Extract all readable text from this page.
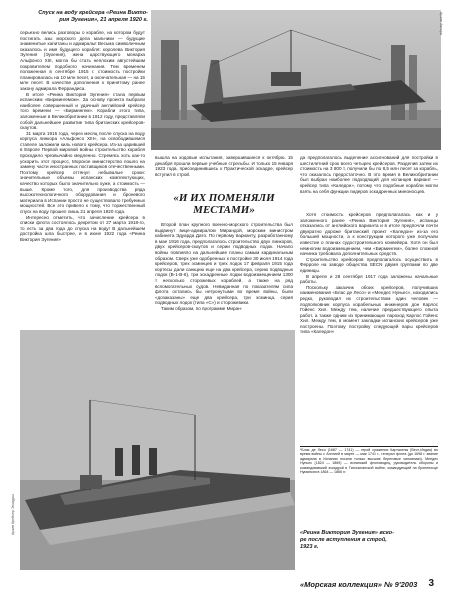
Архив Автора
Спуск на воду крейсера «Реина Викто-
рия Эугения», 21 апреля 1920 г.

серьезно велись разговоры о корабле, на котором будут постигать азы морского дела мальчики — будущие знаменитые капитаны и адмиралы! Весьма символичным оказалось и имя будущего корабля: королева Виктория Эугения (Эухения), жена царствующего монарха Альфонсо XIII, могла бы стать неплохим августейшим покровителем подобного начинания. Тем временем положенная в сентябре 1915 г. стоимость постройки планировалась на 10 млн песет, а окончательная — на 15 млн песет. В качестве дополнения к принятому ранее закону адмирала Феррандиса.

В итоге «Реина Виктория Эугения» стала первым испанским «Бирмингемом». За основу проекта выбрали наиболее совершенный и удачный английский крейсер того времени — «Бирмингем». Корабли этого типа, заложенные в Великобритании в 1912 году, представляли собой дальнейшее развитие типа британских крейсеров-скаутов.

31 марта 1915 года, через месяц после спуска на воду корпуса линкора «Альфонсо XIII», на освободившемся стапеле заложили киль нового крейсера. Из-за царившей в Европе Первой мировой войны строительство корабля проходило чрезвычайно медленно. Стремясь хоть как-то ускорить этот процесс, Морское министерство пошло на замену части иностранных поставщиков отечественными. Поэтому крейсер оттянул небывалые сроки: значительные объемы испанских комплектующих, качество которых было значительно хуже, а стоимость — выше. Кроме того, для производства ряда высокотехнологичного оборудования и броневого материала в Испании просто не существовало требуемых мощностей. Все это привело к тому, что торжественный спуск на воду прошел лишь 21 апреля 1920 года.

Интересно отметить, что зачисление крейсера в списки флота состоялось декретом от 27 марта 1918-го, то есть за два года до спуска на воду! В дальнейшем достройка шла быстрее, и в июне 1922 года «Реина Виктория Эугения»

вышла на ходовые испытания, завершившиеся к октябрю. 15 декабря прошли первые учебные стрельбы. И только 15 января 1923 года, присоединившись к Практической эскадре, крейсер вступил в строй.

«И ИХ ПОМЕНЯЛИ
МЕСТАМИ»

Второй план крупного военно-морского строительства был выдвинут вице-адмиралом Мирандой, морским министром кабинета Эдуарда Дато. По первому варианту, разработанному в мае 1916 года, предполагалось строительство двух линкоров, двух крейсеров-скаутов и серии подводных лодок. Начало войны повлияло на дальнейшие планы самым кардинальным образом. Сверх уже одобренных к постройке 30 июля 1914 года крейсеров, трех эсминцев и трех лодок 17 февраля 1915 года кортесы дали санкцию еще на два крейсера, серию подводных лодок (В-1-В-6), три эскадренные лодки водоизмещением 1300 т несколько сторожевых кораблей, а также на ряд вспомогательных судов. Невиданная по показателям сила флота остались бы нетронутыми во время войны, были «дозаказаны» еще два крейсера, три эсминца, серия подводных лодок (типа «С») и сторожевики.

Таким образом, по программе Миран-

да предполагалось выделение ассигнований для постройки в шестилетний срок всего четырех крейсеров. Разделив затем их стоимость на 3 800 т, получили бы по 8,5 млн песет за корабль, что оказалось предостаточно. В это время в Великобритании был выбран наиболее подходящий для испанцев вариант — крейсер типа «Каледон», потому что подобные корабли могли взять на себя функции лидеров эскадренных миноносцев.

Хотя стоимость крейсеров предполагалась как и у заложенного ранее «Реина Виктория Эугения», испанцы отказались от английского варианта и в итоге предпочли почти двукратно дороже британский проект «Каледон» из-за его большей мощности, а к конструкции которого уже получали известие о планах судостроительного конвейера. Хотя он был немногим водоизмещением, чем «Бирмингем», более сложной начинка требовала дополнительных средств.

Строительство крейсеров предполагалось осуществить в Ферроле на заводе общества SECN двумя группами по две единицы.

В апреле и 28 сентября 1917 года заложены начальные работы.

Поскольку заказчик обоих крейсеров, получивших наименования «Блас де Лесо» и «Мендес Нуньес», находились редко, руководил их строительством один человек — подполковник корпуса корабельных инженеров дон Карлос Гойенс Хил. Между тем, наличие предшествующего опыта работ, а также одним из принимающих пароход Карлос Гойенс Хил. Между тем, в момент закладки испанских крейсеров уже построены. Поэтому постройку следующей пары крейсеров типа «Каледон»

Архив Крейсер Эскадры
*Блас де Лесо (1687 — 1741) — герой сражения Картахены (Вест-Индия) во время войны с Англией в марте — мае 1741 г., генерал флота (до 1698 г. звание адмирала в Испании носили только высшие береговые чиновники). Мендес Нуньес (1824 — 1869) — испанский флотоводец, руководитель обороны и командовавший эскадрой в Тихоокеанской войне, командующий на броненосце Нумансия в 1864 — 1866 гг.
«Реина Виктория Эугения» вско-
ре после вступления в строй,
1923 г.
«Морская коллекция» № 9'2003 3
